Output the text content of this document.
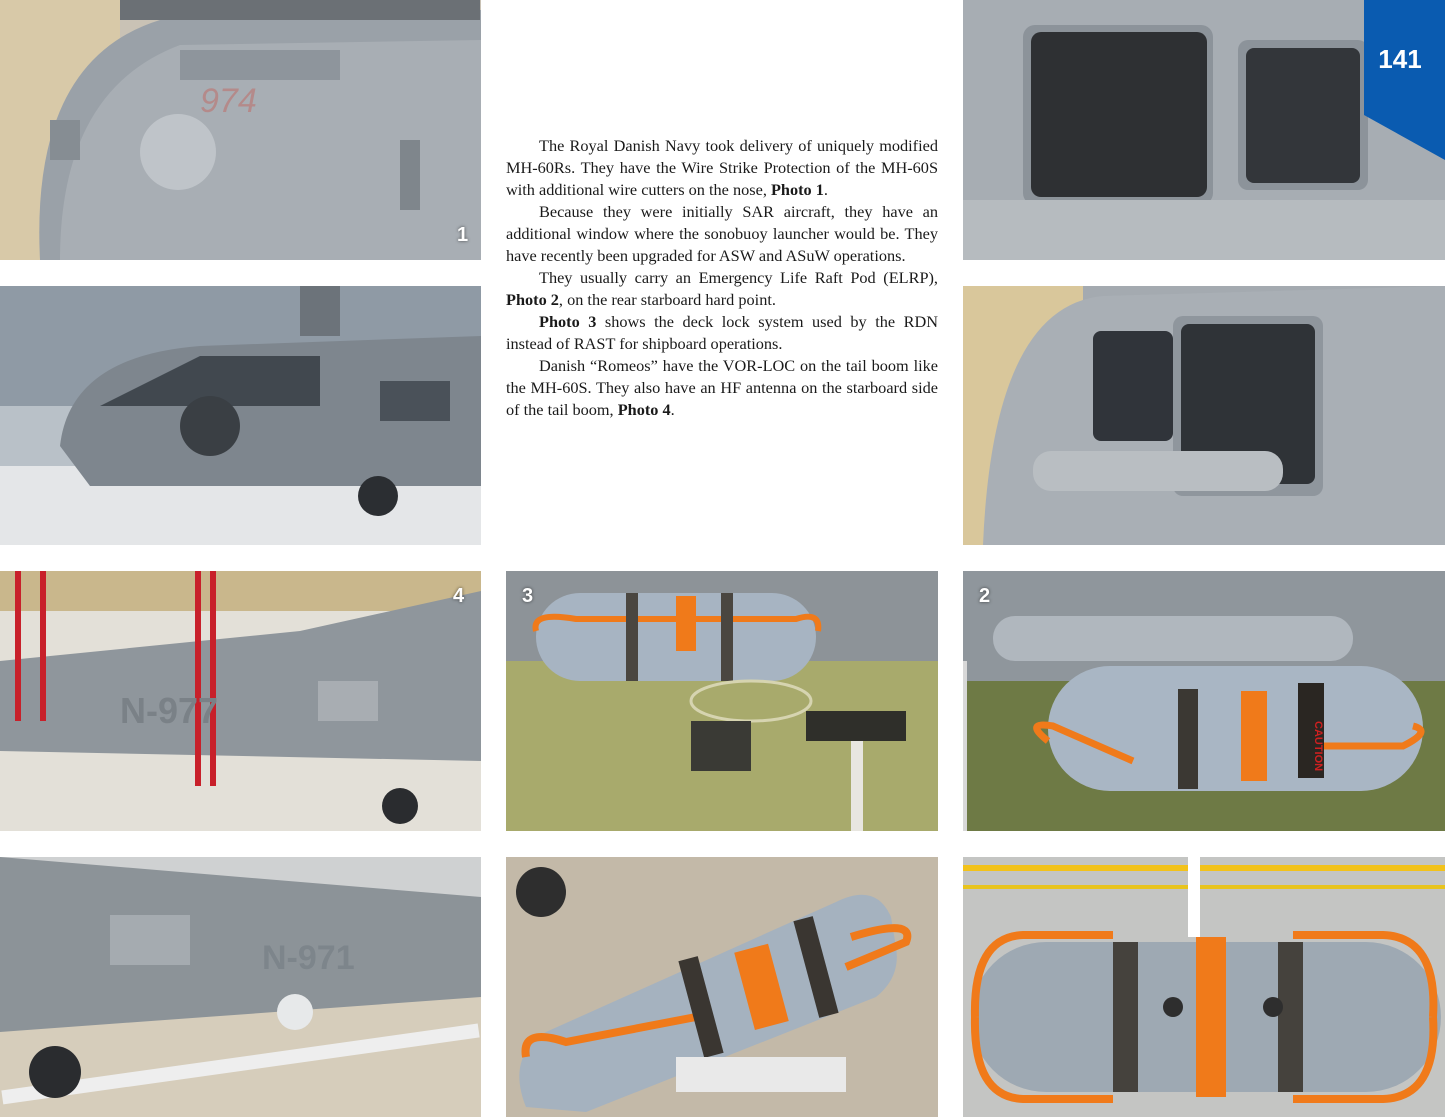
974
1
N-977
4	3
CAUTION
2
N-971

The Royal Danish Navy took delivery of uniquely modified MH-60Rs. They have the Wire Strike Protection of the MH-60S with additional wire cutters on the nose, Photo 1.

Because they were initially SAR aircraft, they have an additional window where the sonobuoy launcher would be. They have recently been upgraded for ASW and ASuW operations.

They usually carry an Emergency Life Raft Pod (ELRP), Photo 2, on the rear starboard hard point.

Photo 3 shows the deck lock system used by the RDN instead of RAST for shipboard operations.

Danish “Romeos” have the VOR-LOC on the tail boom like the MH-60S. They also have an HF antenna on the starboard side of the tail boom, Photo 4.

141
